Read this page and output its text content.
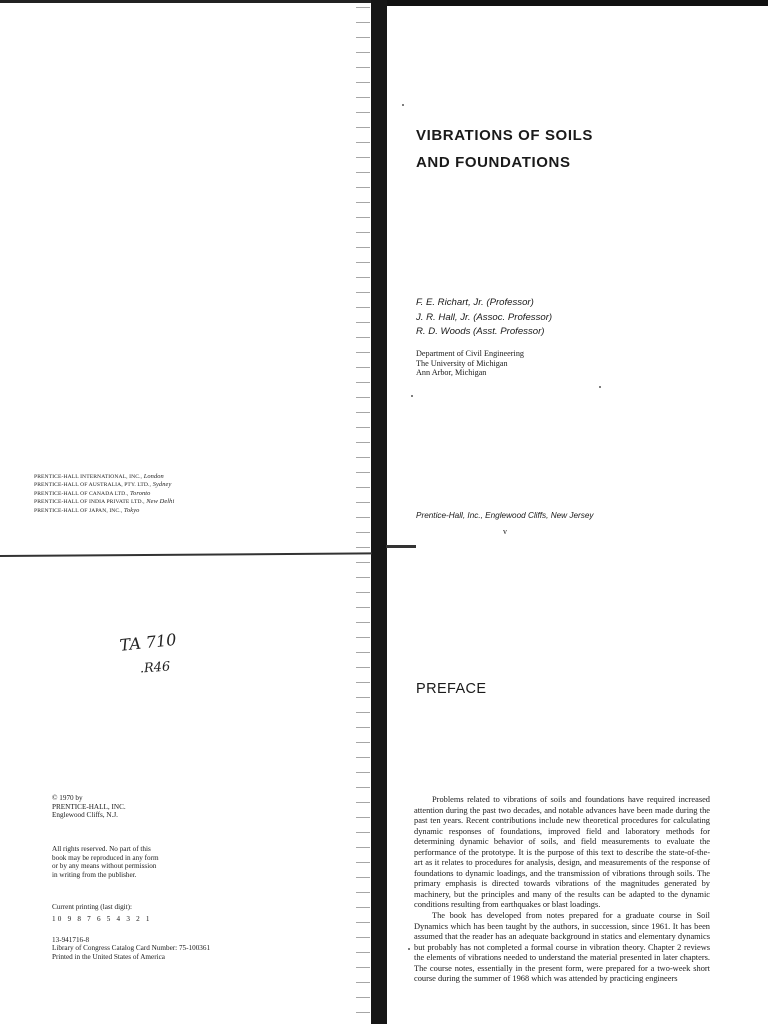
PRENTICE-HALL INTERNATIONAL, INC., London
PRENTICE-HALL OF AUSTRALIA, PTY. LTD., Sydney
PRENTICE-HALL OF CANADA LTD., Toronto
PRENTICE-HALL OF INDIA PRIVATE LTD., New Delhi
PRENTICE-HALL OF JAPAN, INC., Tokyo
TA 710
.R46
© 1970 by
PRENTICE-HALL, INC.
Englewood Cliffs, N.J.
All rights reserved. No part of this
book may be reproduced in any form
or by any means without permission
in writing from the publisher.
Current printing (last digit):
10 9 8 7 6 5 4 3 2 1
13-941716-8
Library of Congress Catalog Card Number: 75-100361
Printed in the United States of America
VIBRATIONS OF SOILS
AND FOUNDATIONS
F. E. Richart, Jr. (Professor)
J. R. Hall, Jr. (Assoc. Professor)
R. D. Woods (Asst. Professor)
Department of Civil Engineering
The University of Michigan
Ann Arbor, Michigan
Prentice-Hall, Inc., Englewood Cliffs, New Jersey
v
PREFACE

Problems related to vibrations of soils and foundations have required increased attention during the past two decades, and notable advances have been made during the past ten years. Recent contributions include new theoretical procedures for calculating dynamic responses of foundations, improved field and laboratory methods for determining dynamic behavior of soils, and field measurements to evaluate the performance of the prototype. It is the purpose of this text to describe the state-of-the-art as it relates to procedures for analysis, design, and measurements of the response of foundations to dynamic loadings, and the transmission of vibrations through soils. The primary emphasis is directed towards vibrations of the magnitudes generated by machinery, but the principles and many of the results can be adapted to the dynamic conditions resulting from earthquakes or blast loadings.

The book has developed from notes prepared for a graduate course in Soil Dynamics which has been taught by the authors, in succession, since 1961. It has been assumed that the reader has an adequate background in statics and elementary dynamics but probably has not completed a formal course in vibration theory. Chapter 2 reviews the elements of vibrations needed to understand the material presented in later chapters. The course notes, essentially in the present form, were prepared for a two-week short course during the summer of 1968 which was attended by practicing engineers
